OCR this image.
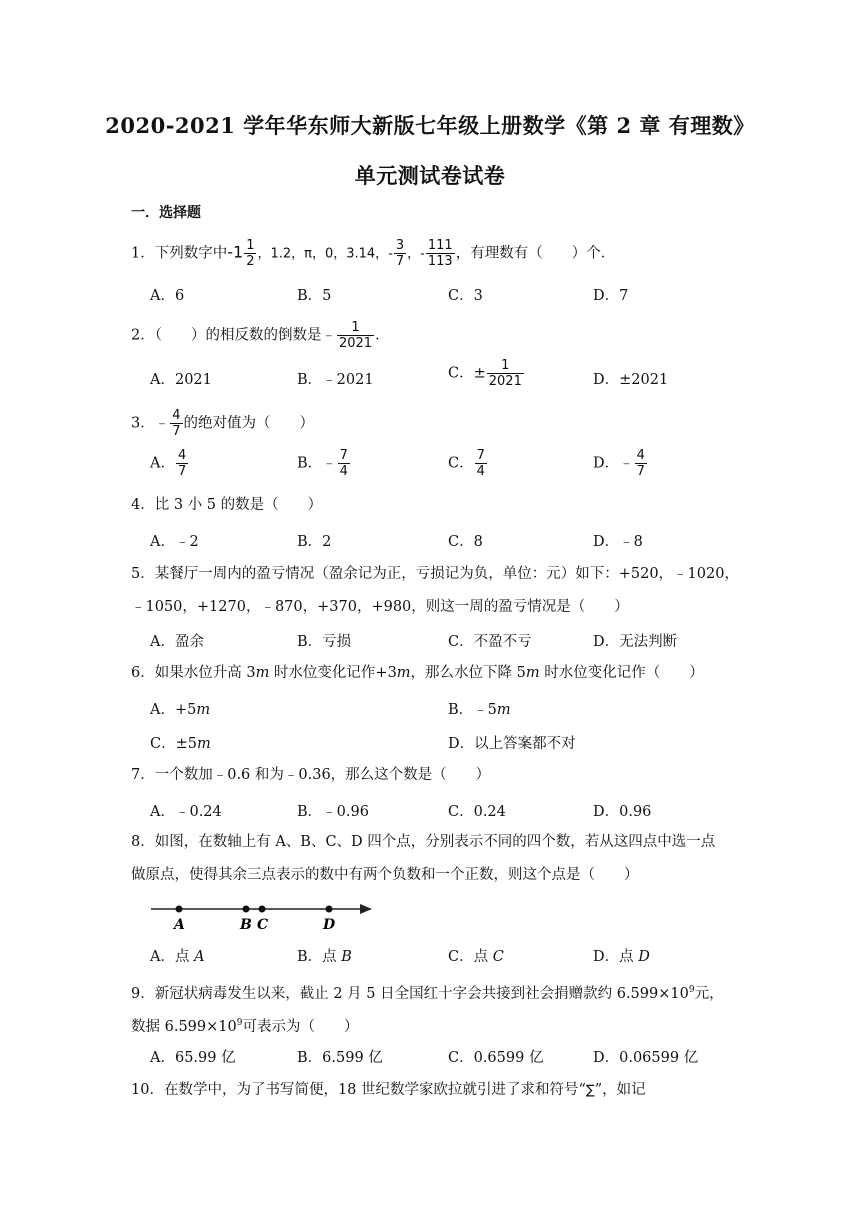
2020-2021 学年华东师大新版七年级上册数学《第 2 章 有理数》
单元测试卷试卷
一．选择题
1．下列数字中$-1 \frac{1}{2}$ ，1.2，π，0，3.14，- $\frac{3}{7}$ ，- $\frac{111}{113}$ ，有理数有（　　）个．
A．6	B．5	C．3	D．7
2．（　　）的相反数的倒数是﹣ $\frac{1}{2021}$ ．
A．2021	B．﹣2021	C．± $\frac{1}{2021}$	D．±2021
3．﹣ $\frac{4}{7}$ 的绝对值为（　　）
A． $\frac{4}{7}$	B．﹣ $\frac{7}{4}$	C． $\frac{7}{4}$	D．﹣ $\frac{4}{7}$
4．比 3 小 5 的数是（　　）
A．﹣2	B．2	C．8	D．﹣8
5．某餐厅一周内的盈亏情况（盈余记为正，亏损记为负，单位：元）如下：+520，﹣1020，
﹣1050，+1270，﹣870，+370，+980，则这一周的盈亏情况是（　　）
A．盈余	B．亏损	C．不盈不亏	D．无法判断
6．如果水位升高 3m 时水位变化记作+3m，那么水位下降 5m 时水位变化记作（　　）
A．+5m	B．﹣5m
C．±5m	D．以上答案都不对
7．一个数加﹣0.6 和为﹣0.36，那么这个数是（　　）
A．﹣0.24	B．﹣0.96	C．0.24	D．0.96
8．如图，在数轴上有 A、B、C、D 四个点，分别表示不同的四个数，若从这四点中选一点
做原点，使得其余三点表示的数中有两个负数和一个正数，则这个点是（　　）
A	B C	D
A．点 A	B．点 B	C．点 C	D．点 D
9．新冠状病毒发生以来，截止 2 月 5 日全国红十字会共接到社会捐赠款约 $6.599\times 10^9$元，
数据 $6.599\times 10^9$可表示为（　　）
A．65.99 亿	B．6.599 亿	C．0.6599 亿	D．0.06599 亿
10．在数学中，为了书写简便，18 世纪数学家欧拉就引进了求和符号“∑”，如记
